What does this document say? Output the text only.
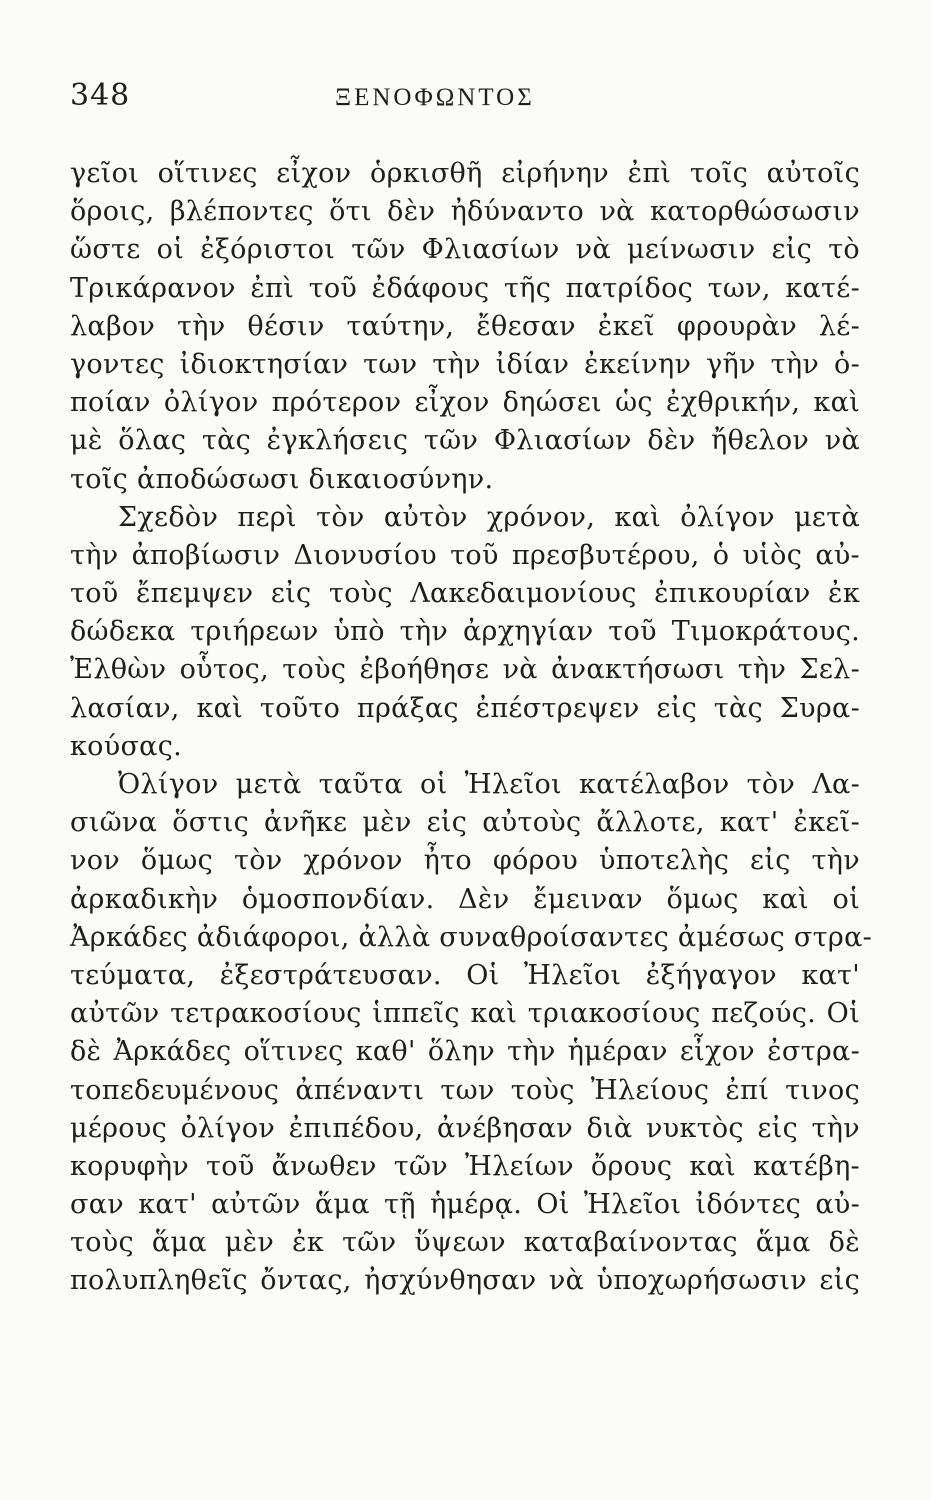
348	ΞΕΝΟΦΩΝΤΟΣ
γεῖοι οἵτινες εἶχον ὁρκισθῆ εἰρήνην ἐπὶ τοῖς αὐτοῖς
ὅροις, βλέποντες ὅτι δὲν ἠδύναντο νὰ κατορθώσωσιν
ὥστε οἱ ἐξόριστοι τῶν Φλιασίων νὰ μείνωσιν εἰς τὸ
Τρικάρανον ἐπὶ τοῦ ἐδάφους τῆς πατρίδος των, κατέ-
λαβον τὴν θέσιν ταύτην, ἔθεσαν ἐκεῖ φρουρὰν λέ-
γοντες ἰδιοκτησίαν των τὴν ἰδίαν ἐκείνην γῆν τὴν ὁ-
ποίαν ὀλίγον πρότερον εἶχον δηώσει ὡς ἐχθρικήν, καὶ
μὲ ὅλας τὰς ἐγκλήσεις τῶν Φλιασίων δὲν ἤθελον νὰ
τοῖς ἀποδώσωσι δικαιοσύνην.
Σχεδὸν περὶ τὸν αὐτὸν χρόνον, καὶ ὀλίγον μετὰ
τὴν ἀποβίωσιν Διονυσίου τοῦ πρεσβυτέρου, ὁ υἱὸς αὐ-
τοῦ ἔπεμψεν εἰς τοὺς Λακεδαιμονίους ἐπικουρίαν ἐκ
δώδεκα τριήρεων ὑπὸ τὴν ἀρχηγίαν τοῦ Τιμοκράτους.
Ἐλθὼν οὗτος, τοὺς ἐβοήθησε νὰ ἀνακτήσωσι τὴν Σελ-
λασίαν, καὶ τοῦτο πράξας ἐπέστρεψεν εἰς τὰς Συρα-
κούσας.
Ὀλίγον μετὰ ταῦτα οἱ Ἠλεῖοι κατέλαβον τὸν Λα-
σιῶνα ὅστις ἀνῆκε μὲν εἰς αὐτοὺς ἄλλοτε, κατ' ἐκεῖ-
νον ὅμως τὸν χρόνον ἦτο φόρου ὑποτελὴς εἰς τὴν
ἀρκαδικὴν ὁμοσπονδίαν. Δὲν ἔμειναν ὅμως καὶ οἱ
Ἀρκάδες ἀδιάφοροι, ἀλλὰ συναθροίσαντες ἀμέσως στρα-
τεύματα, ἐξεστράτευσαν. Οἱ Ἠλεῖοι ἐξήγαγον κατ'
αὐτῶν τετρακοσίους ἱππεῖς καὶ τριακοσίους πεζούς. Οἱ
δὲ Ἀρκάδες οἵτινες καθ' ὅλην τὴν ἡμέραν εἶχον ἐστρα-
τοπεδευμένους ἀπέναντι των τοὺς Ἠλείους ἐπί τινος
μέρους ὀλίγον ἐπιπέδου, ἀνέβησαν διὰ νυκτὸς εἰς τὴν
κορυφὴν τοῦ ἄνωθεν τῶν Ἠλείων ὄρους καὶ κατέβη-
σαν κατ' αὐτῶν ἅμα τῇ ἡμέρᾳ. Οἱ Ἠλεῖοι ἰδόντες αὐ-
τοὺς ἅμα μὲν ἐκ τῶν ὕψεων καταβαίνοντας ἅμα δὲ
πολυπληθεῖς ὄντας, ἠσχύνθησαν νὰ ὑποχωρήσωσιν εἰς
